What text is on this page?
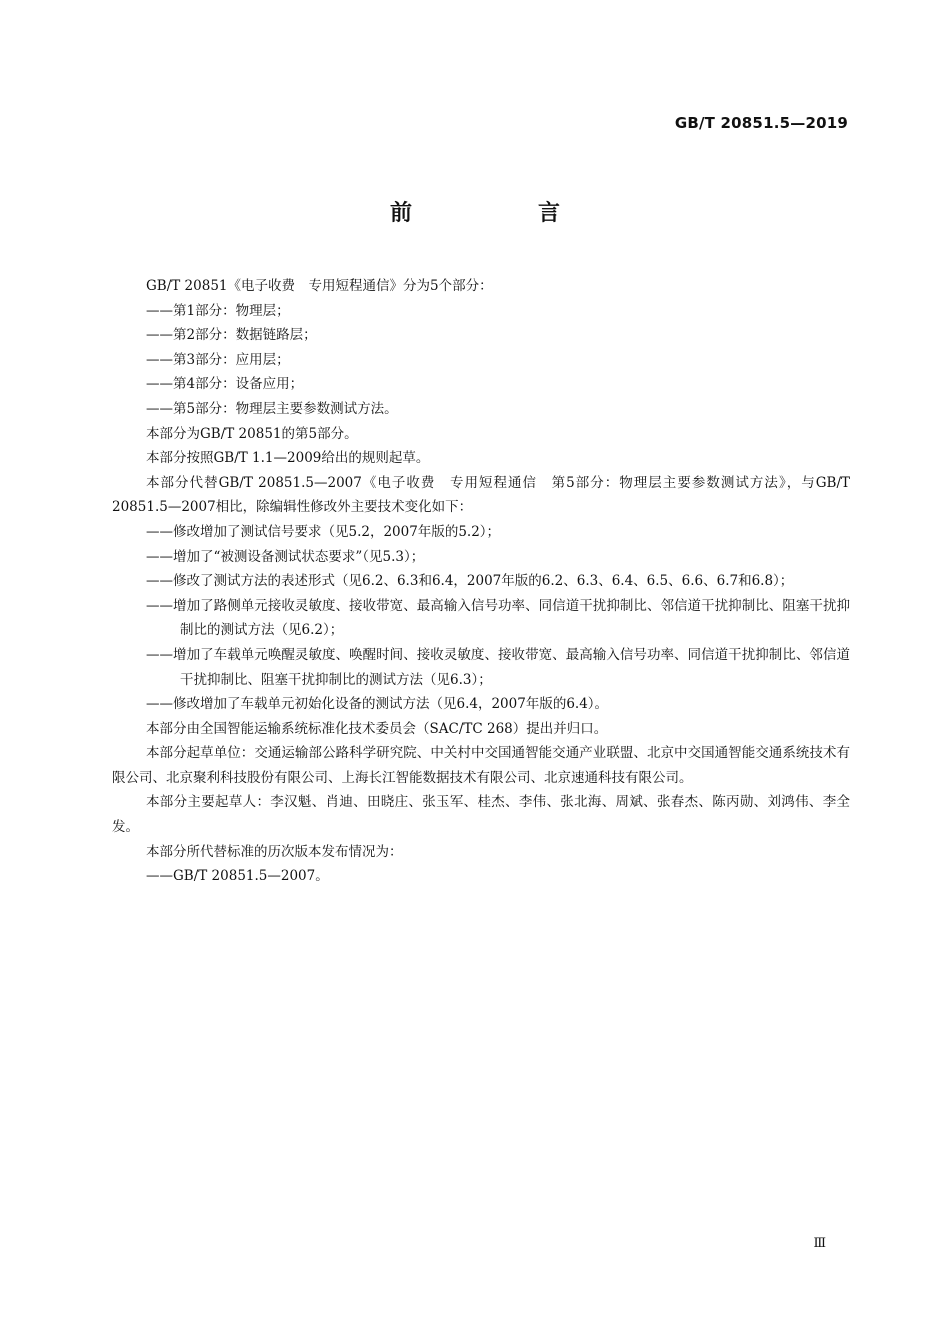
GB/T 20851.5—2019
前　言

GB/T 20851《电子收费　专用短程通信》分为5个部分：

——第1部分：物理层；

——第2部分：数据链路层；

——第3部分：应用层；

——第4部分：设备应用；

——第5部分：物理层主要参数测试方法。

本部分为GB/T 20851的第5部分。

本部分按照GB/T 1.1—2009给出的规则起草。

本部分代替GB/T 20851.5—2007《电子收费　专用短程通信　第5部分：物理层主要参数测试方法》，与GB/T 20851.5—2007相比，除编辑性修改外主要技术变化如下：

——修改增加了测试信号要求（见5.2，2007年版的5.2）；

——增加了“被测设备测试状态要求”（见5.3）；

——修改了测试方法的表述形式（见6.2、6.3和6.4，2007年版的6.2、6.3、6.4、6.5、6.6、6.7和6.8）；

——增加了路侧单元接收灵敏度、接收带宽、最高输入信号功率、同信道干扰抑制比、邻信道干扰抑制比、阻塞干扰抑制比的测试方法（见6.2）；

——增加了车载单元唤醒灵敏度、唤醒时间、接收灵敏度、接收带宽、最高输入信号功率、同信道干扰抑制比、邻信道干扰抑制比、阻塞干扰抑制比的测试方法（见6.3）；

——修改增加了车载单元初始化设备的测试方法（见6.4，2007年版的6.4）。

本部分由全国智能运输系统标准化技术委员会（SAC/TC 268）提出并归口。

本部分起草单位：交通运输部公路科学研究院、中关村中交国通智能交通产业联盟、北京中交国通智能交通系统技术有限公司、北京聚利科技股份有限公司、上海长江智能数据技术有限公司、北京速通科技有限公司。

本部分主要起草人：李汉魁、肖迪、田晓庄、张玉军、桂杰、李伟、张北海、周斌、张春杰、陈丙勋、刘鸿伟、李全发。

本部分所代替标准的历次版本发布情况为：

——GB/T 20851.5—2007。

Ⅲ
